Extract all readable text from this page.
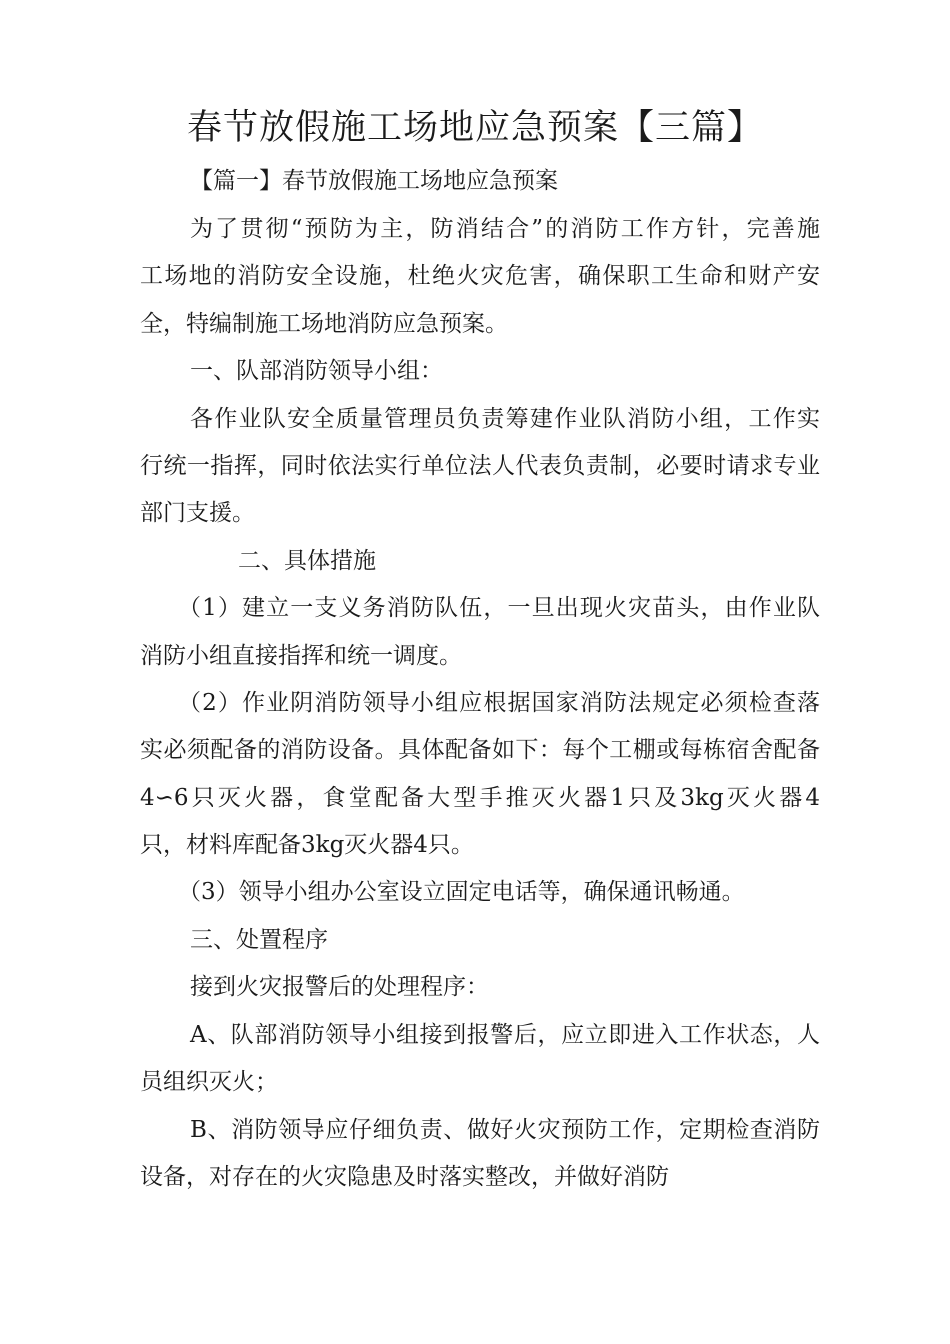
春节放假施工场地应急预案【三篇】
【篇一】春节放假施工场地应急预案
为了贯彻“预防为主，防消结合”的消防工作方针，完善施
工场地的消防安全设施，杜绝火灾危害，确保职工生命和财产安
全，特编制施工场地消防应急预案。
一、队部消防领导小组：
各作业队安全质量管理员负责筹建作业队消防小组，工作实
行统一指挥，同时依法实行单位法人代表负责制，必要时请求专业
部门支援。
二、具体措施
（1）建立一支义务消防队伍，一旦出现火灾苗头，由作业队
消防小组直接指挥和统一调度。
（2）作业阴消防领导小组应根据国家消防法规定必须检查落
实必须配备的消防设备。具体配备如下：每个工棚或每栋宿舍配备
4∽6只灭火器，食堂配备大型手推灭火器1只及3kg灭火器4
只，材料库配备3kg灭火器4只。
（3）领导小组办公室设立固定电话等，确保通讯畅通。
三、处置程序
接到火灾报警后的处理程序：
A、队部消防领导小组接到报警后，应立即进入工作状态，人
员组织灭火；
B、消防领导应仔细负责、做好火灾预防工作，定期检查消防
设备，对存在的火灾隐患及时落实整改，并做好消防
